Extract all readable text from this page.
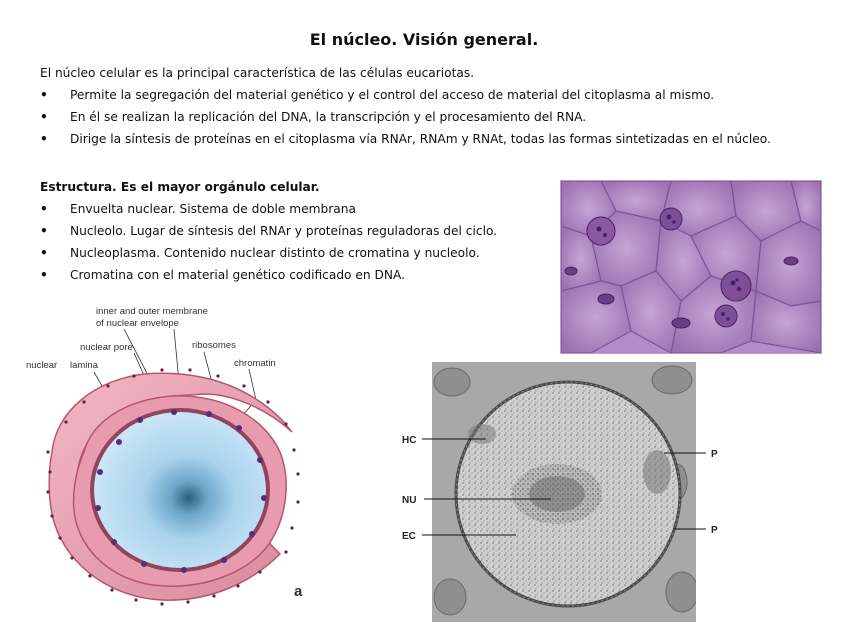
El núcleo. Visión general.
El núcleo celular es la principal característica de las células eucariotas.
• Permite la segregación del material genético y el control del acceso de material del citoplasma al mismo.
• En él se realizan la replicación del DNA, la transcripción y el procesamiento del RNA.
• Dirige la síntesis de proteínas en el citoplasma vía RNAr, RNAm y RNAt, todas las formas sintetizadas en el núcleo.
Estructura. Es el mayor orgánulo celular.
• Envuelta nuclear. Sistema de doble membrana
• Nucleolo. Lugar de síntesis del RNAr y proteínas reguladoras del ciclo.
• Nucleoplasma. Contenido nuclear distinto de cromatina y nucleolo.
• Cromatina con el material genético codificado en DNA.
HC
NU
EC
P
P
inner and outer membrane
of nuclear envelope
nuclear pore	ribosomes
chromatin
nuclear lamina
a
